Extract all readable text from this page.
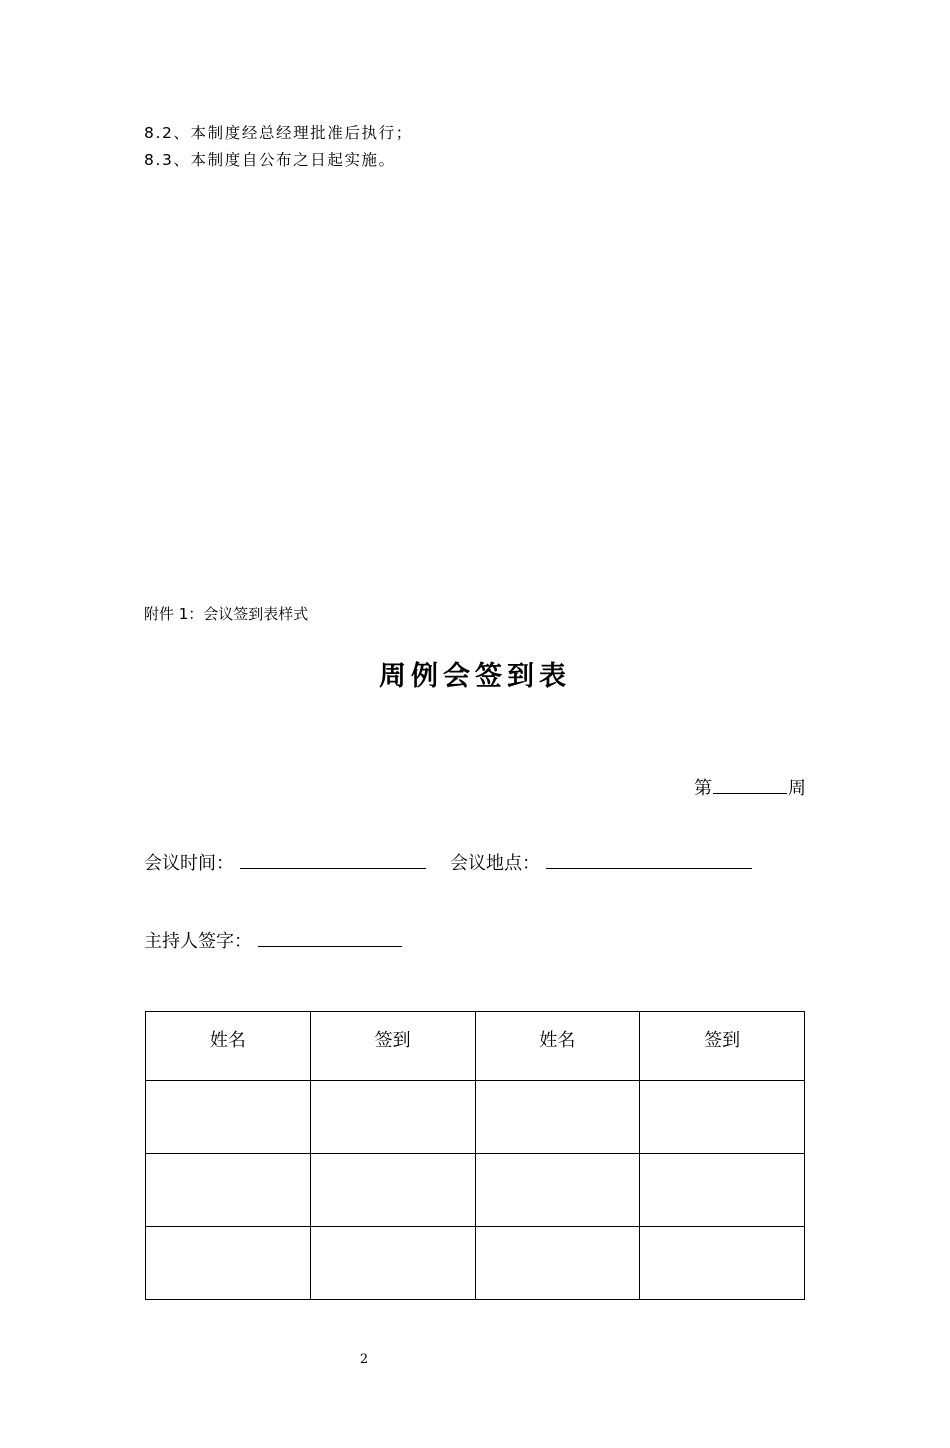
8.2、本制度经总经理批准后执行；
8.3、本制度自公布之日起实施。
附件 1：会议签到表样式
周例会签到表
第	周
会议时间：	会议地点：
主持人签字：
姓名	签到	姓名	签到

2
